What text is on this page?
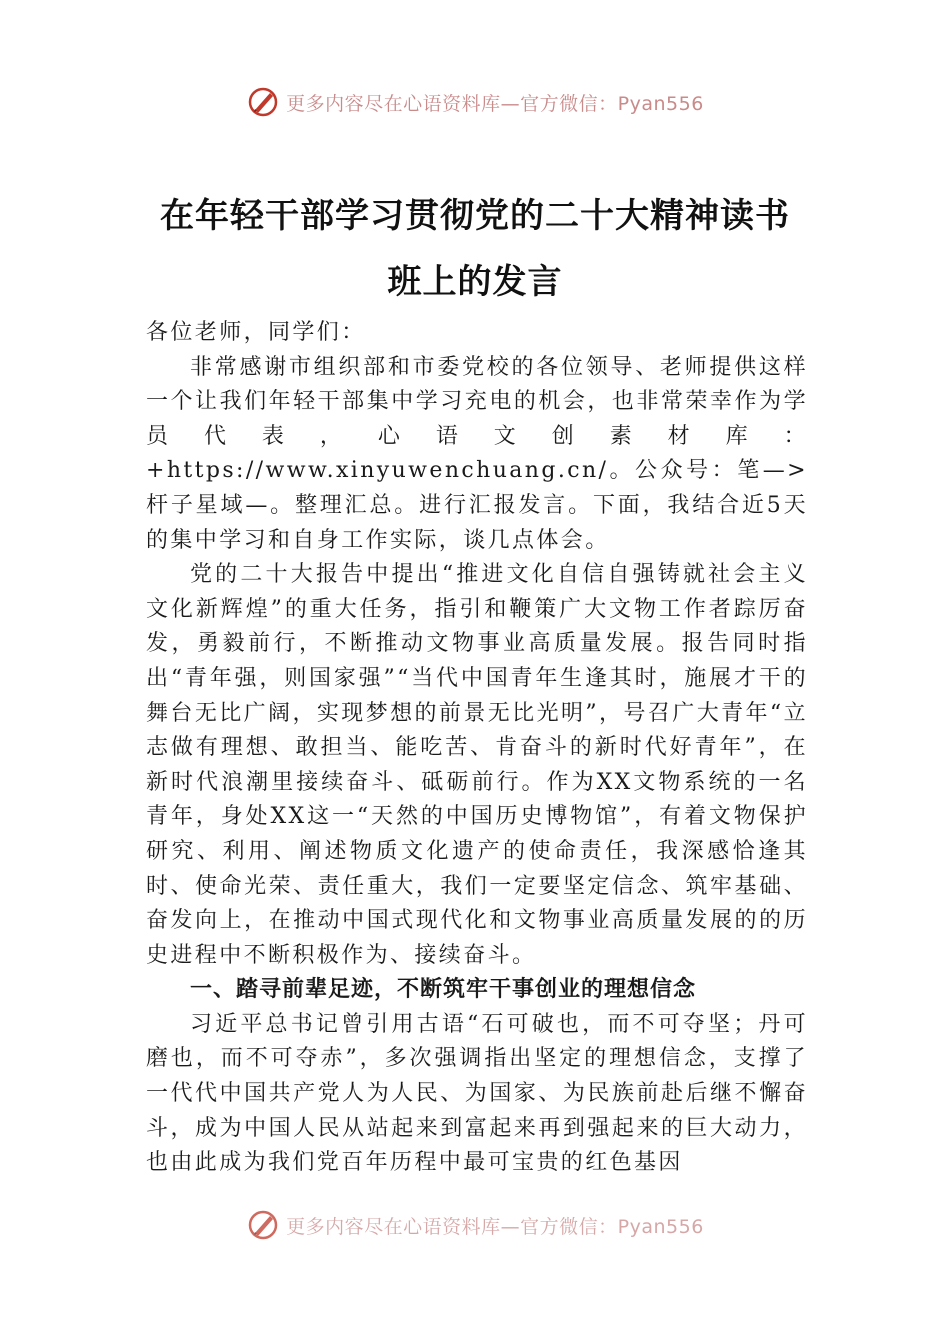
更多内容尽在心语资料库—官方微信：Pyan556
在年轻干部学习贯彻党的二十大精神读书
班上的发言

各位老师，同学们：

非常感谢市组织部和市委党校的各位领导、老师提供这样一个让我们年轻干部集中学习充电的机会，也非常荣幸作为学员代表，心语文创素材库：+https://www.xinyuwenchuang.cn/。公众号：笔—>杆子星域—。整理汇总。进行汇报发言。下面，我结合近5天的集中学习和自身工作实际，谈几点体会。

党的二十大报告中提出“推进文化自信自强铸就社会主义文化新辉煌”的重大任务，指引和鞭策广大文物工作者踪厉奋发，勇毅前行，不断推动文物事业高质量发展。报告同时指出“青年强，则国家强”“当代中国青年生逢其时，施展才干的舞台无比广阔，实现梦想的前景无比光明”，号召广大青年“立志做有理想、敢担当、能吃苦、肯奋斗的新时代好青年”，在新时代浪潮里接续奋斗、砥砺前行。作为XX文物系统的一名青年，身处XX这一“天然的中国历史博物馆”，有着文物保护研究、利用、阐述物质文化遗产的使命责任，我深感恰逢其时、使命光荣、责任重大，我们一定要坚定信念、筑牢基础、奋发向上，在推动中国式现代化和文物事业高质量发展的的历史进程中不断积极作为、接续奋斗。

一、踏寻前辈足迹，不断筑牢干事创业的理想信念

习近平总书记曾引用古语“石可破也，而不可夺坚；丹可磨也，而不可夺赤”，多次强调指出坚定的理想信念，支撑了一代代中国共产党人为人民、为国家、为民族前赴后继不懈奋斗，成为中国人民从站起来到富起来再到强起来的巨大动力，也由此成为我们党百年历程中最可宝贵的红色基因

更多内容尽在心语资料库—官方微信：Pyan556
